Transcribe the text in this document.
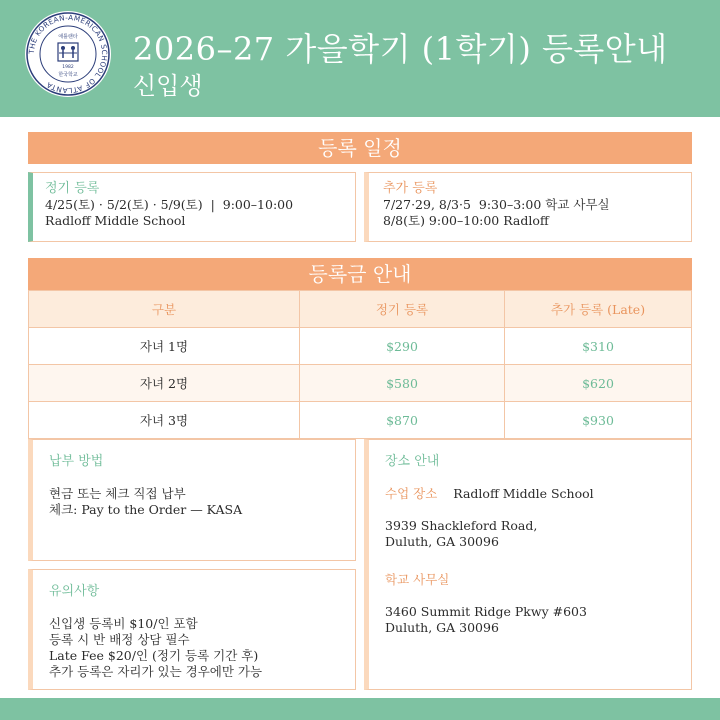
THE KOREAN-AMERICAN SCHOOL OF ATLANTA
애틀랜타
1982
한국학교
2026–27 가을학기 (1학기) 등록안내
신입생
등록 일정

정기 등록

4/25(토) · 5/2(토) · 5/9(토)  |  9:00–10:00

Radloff Middle School

추가 등록

7/27·29, 8/3·5  9:30–3:00 학교 사무실

8/8(토) 9:00–10:00 Radloff

등록금 안내
구분	정기 등록	추가 등록 (Late)
자녀 1명	$290	$310
자녀 2명	$580	$620
자녀 3명	$870	$930

납부 방법

현금 또는 체크 직접 납부

체크: Pay to the Order — KASA

유의사항

신입생 등록비 $10/인 포함

등록 시 반 배정 상담 필수

Late Fee $20/인 (정기 등록 기간 후)

추가 등록은 자리가 있는 경우에만 가능

장소 안내

수업 장소 Radloff Middle School

3939 Shackleford Road,

Duluth, GA 30096

학교 사무실

3460 Summit Ridge Pkwy #603

Duluth, GA 30096
